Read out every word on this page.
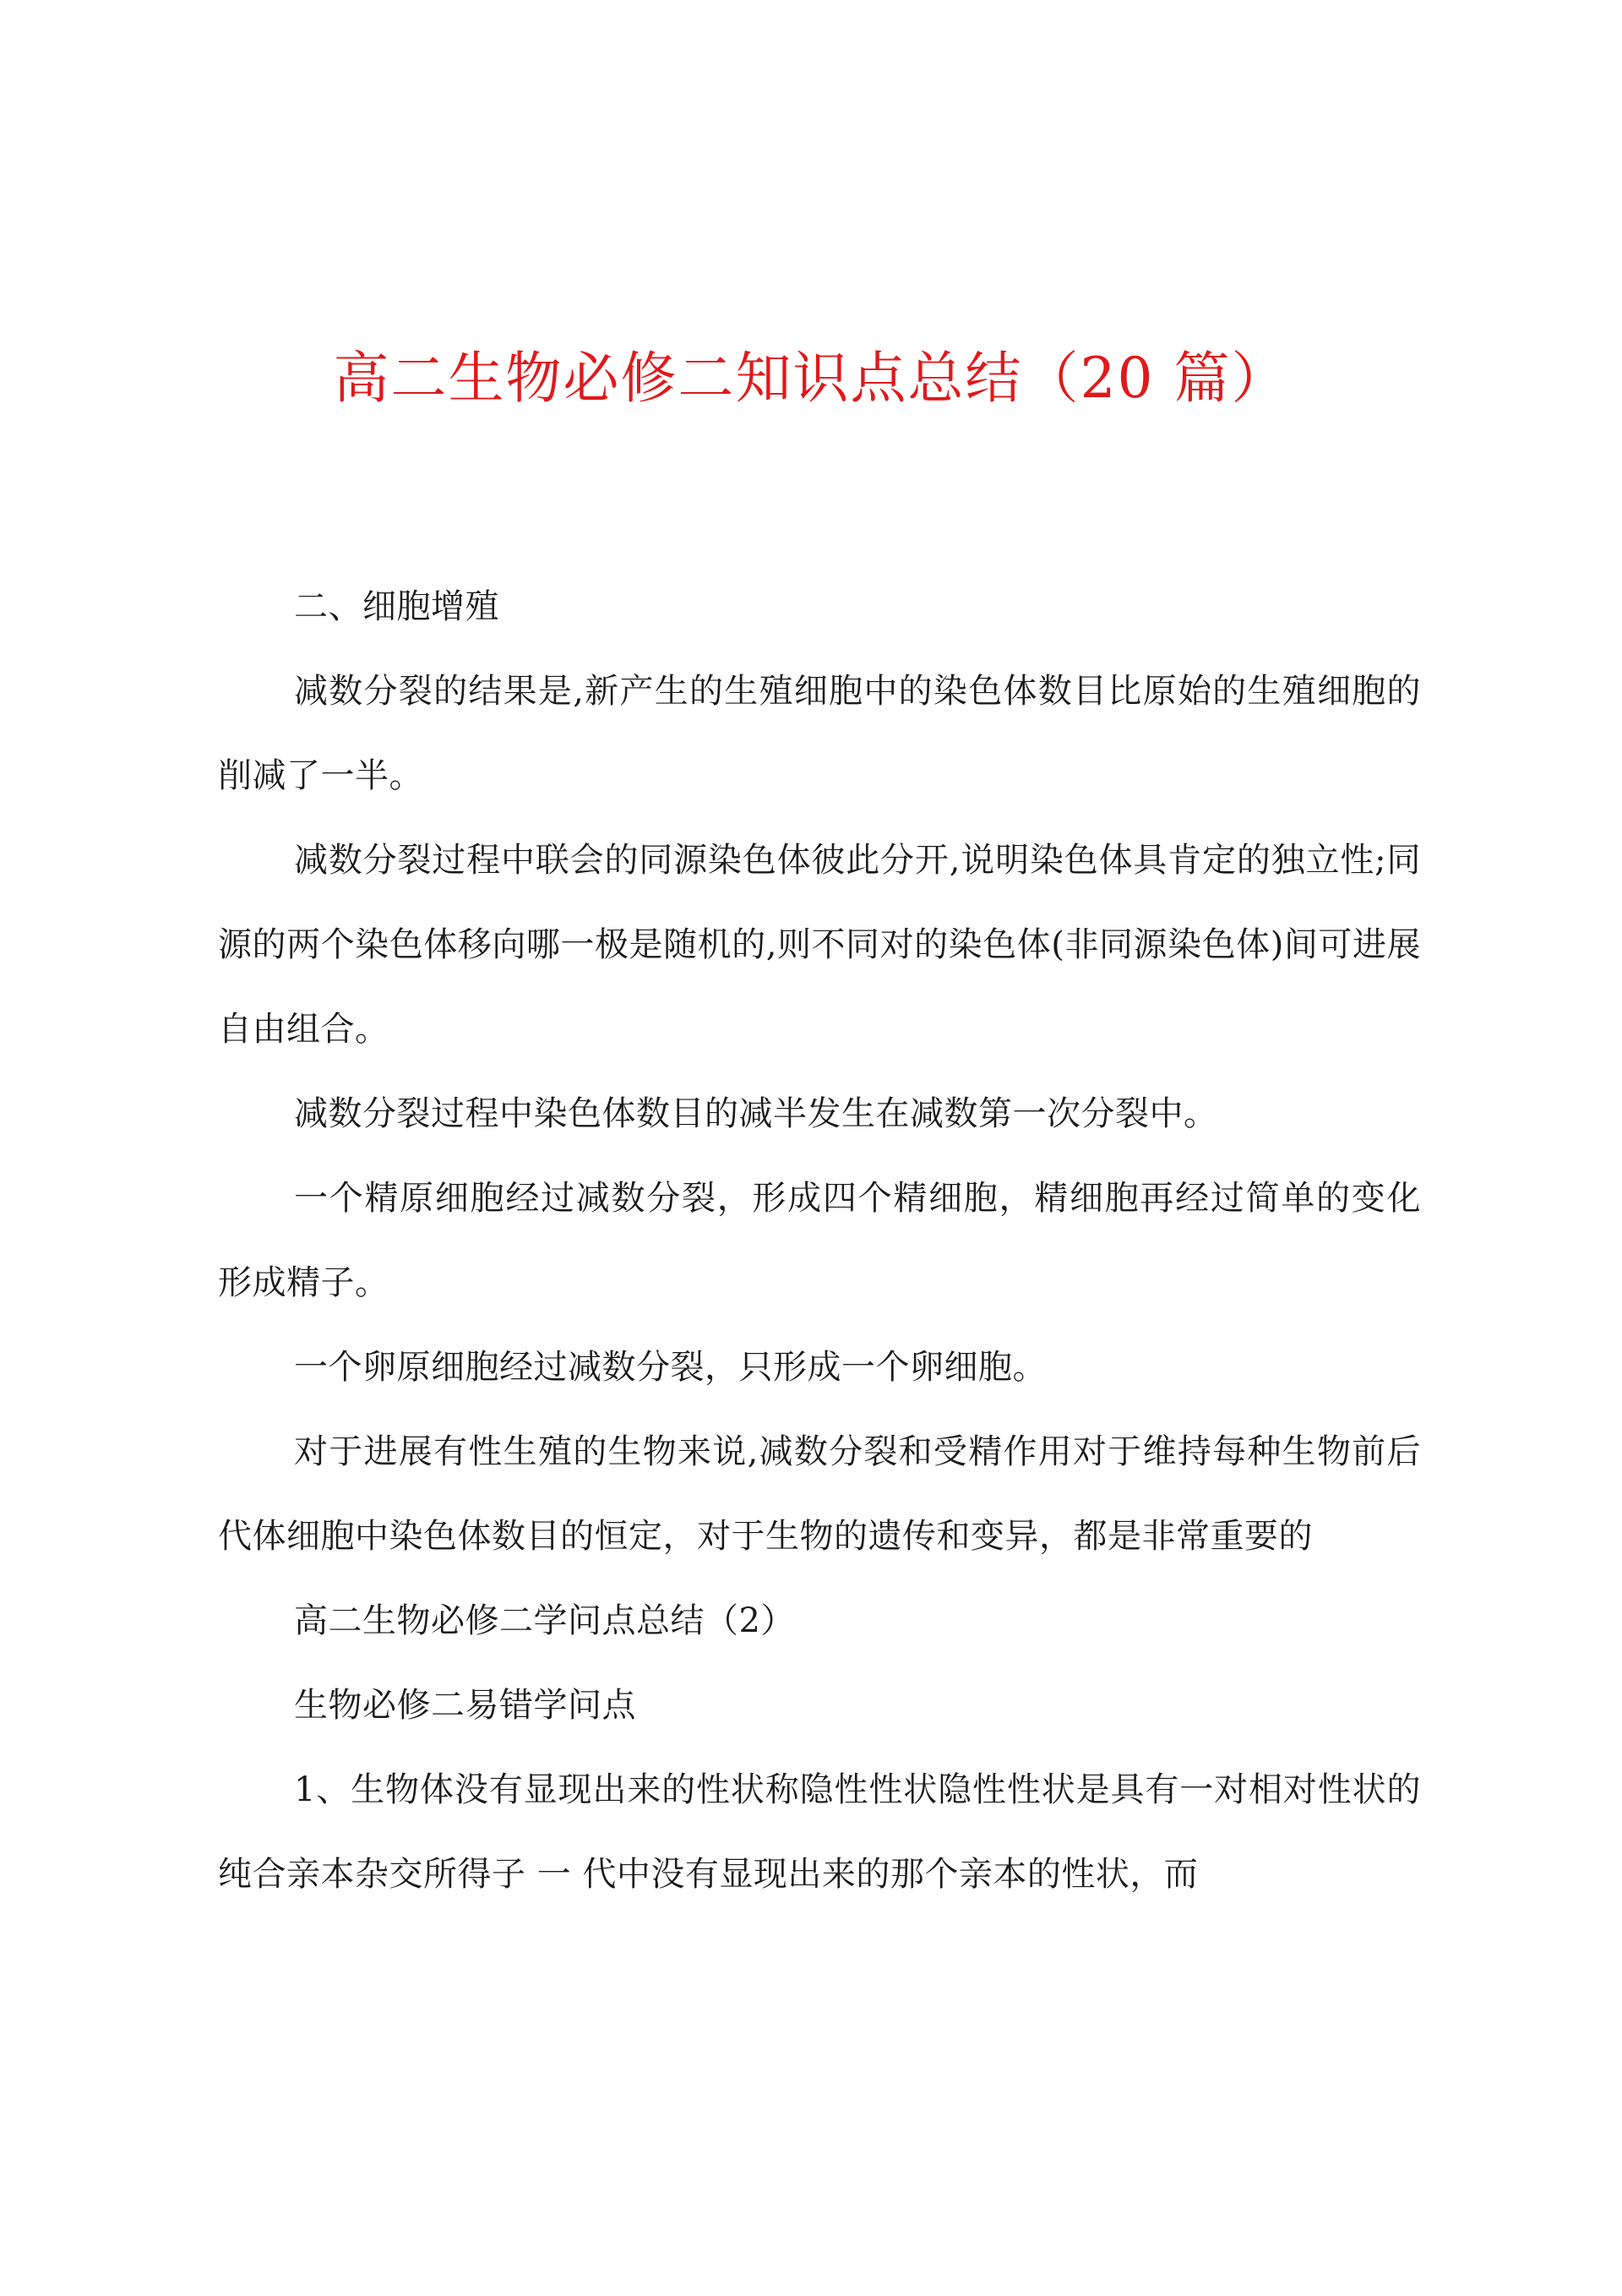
高二生物必修二知识点总结（20 篇）

二、细胞增殖

减数分裂的结果是,新产生的生殖细胞中的染色体数目比原始的生殖细胞的削减了一半。

减数分裂过程中联会的同源染色体彼此分开,说明染色体具肯定的独立性;同源的两个染色体移向哪一极是随机的,则不同对的染色体(非同源染色体)间可进展自由组合。

减数分裂过程中染色体数目的减半发生在减数第一次分裂中。

一个精原细胞经过减数分裂，形成四个精细胞，精细胞再经过简单的变化形成精子。

一个卵原细胞经过减数分裂，只形成一个卵细胞。

对于进展有性生殖的生物来说,减数分裂和受精作用对于维持每种生物前后代体细胞中染色体数目的恒定，对于生物的遗传和变异，都是非常重要的

高二生物必修二学问点总结（2）

生物必修二易错学问点

1、生物体没有显现出来的性状称隐性性状隐性性状是具有一对相对性状的纯合亲本杂交所得子 一 代中没有显现出来的那个亲本的性状，而
